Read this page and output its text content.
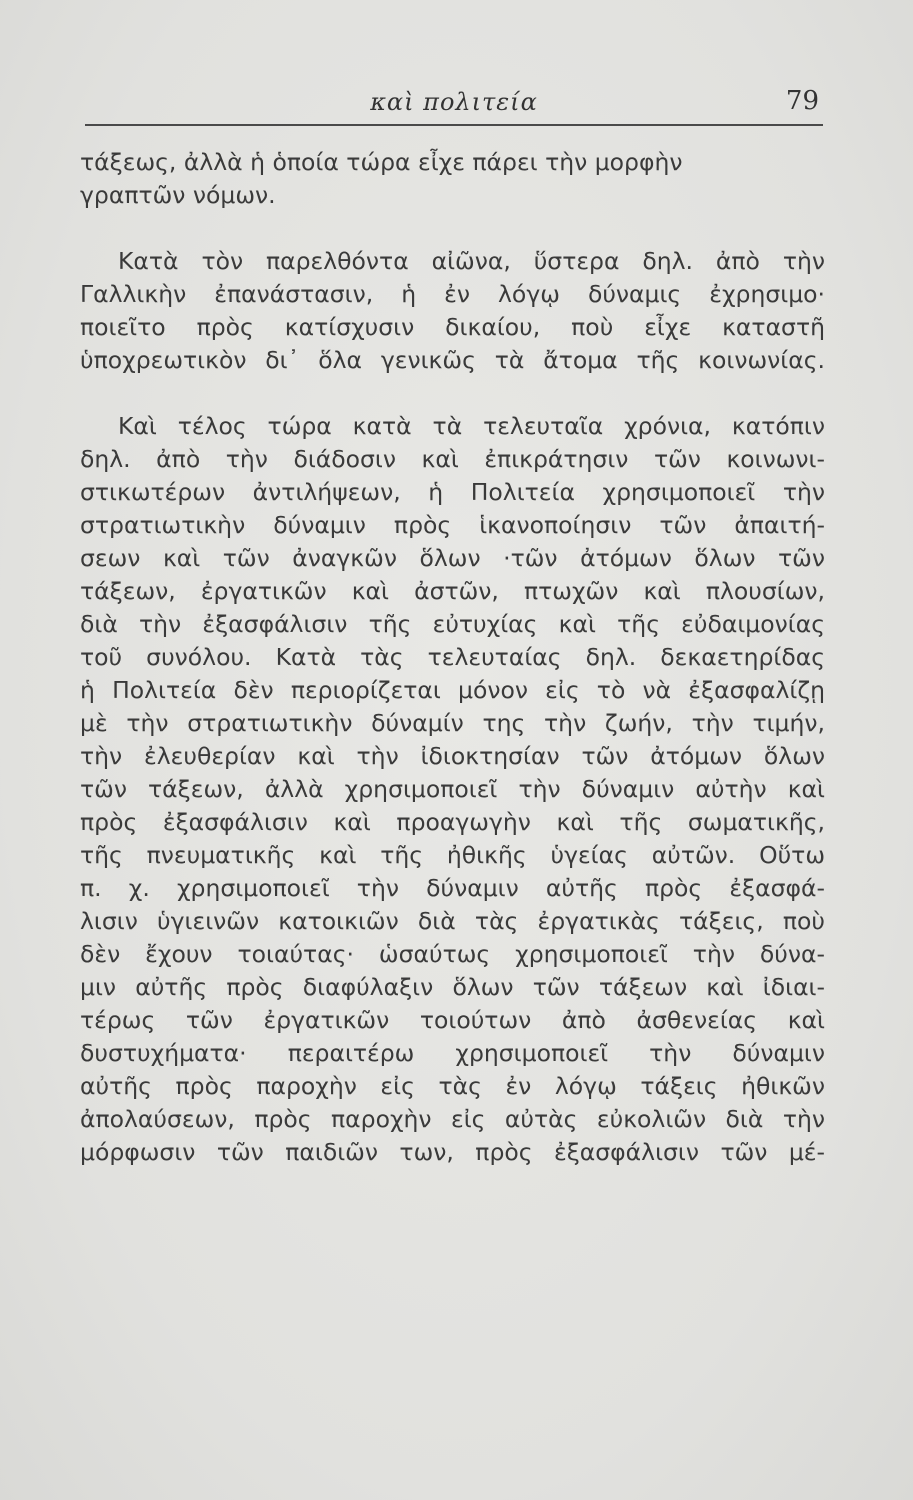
καὶ πολιτεία	79
τάξεως, ἀλλὰ ἡ ὁποία τώρα εἶχε πάρει τὴν μορφὴν
γραπτῶν νόμων.
Κατὰ τὸν παρελθόντα αἰῶνα, ὕστερα δηλ. ἀπὸ τὴν
Γαλλικὴν ἐπανάστασιν, ἡ ἐν λόγῳ δύναμις ἐχρησιμο·
ποιεῖτο πρὸς κατίσχυσιν δικαίου, ποὺ εἶχε καταστῆ
ὑποχρεωτικὸν δι᾽ ὅλα γενικῶς τὰ ἄτομα τῆς κοινωνίας.
Καὶ τέλος τώρα κατὰ τὰ τελευταῖα χρόνια, κατόπιν
δηλ. ἀπὸ τὴν διάδοσιν καὶ ἐπικράτησιν τῶν κοινωνι-
στικωτέρων ἀντιλήψεων, ἡ Πολιτεία χρησιμοποιεῖ τὴν
στρατιωτικὴν δύναμιν πρὸς ἱκανοποίησιν τῶν ἀπαιτή-
σεων καὶ τῶν ἀναγκῶν ὅλων ·τῶν ἀτόμων ὅλων τῶν
τάξεων, ἐργατικῶν καὶ ἀστῶν, πτωχῶν καὶ πλουσίων,
διὰ τὴν ἐξασφάλισιν τῆς εὐτυχίας καὶ τῆς εὐδαιμονίας
τοῦ συνόλου. Κατὰ τὰς τελευταίας δηλ. δεκαετηρίδας
ἡ Πολιτεία δὲν περιορίζεται μόνον εἰς τὸ νὰ ἐξασφαλίζῃ
μὲ τὴν στρατιωτικὴν δύναμίν της τὴν ζωήν, τὴν τιμήν,
τὴν ἐλευθερίαν καὶ τὴν ἰδιοκτησίαν τῶν ἀτόμων ὅλων
τῶν τάξεων, ἀλλὰ χρησιμοποιεῖ τὴν δύναμιν αὐτὴν καὶ
πρὸς ἐξασφάλισιν καὶ προαγωγὴν καὶ τῆς σωματικῆς,
τῆς πνευματικῆς καὶ τῆς ἠθικῆς ὑγείας αὐτῶν. Οὕτω
π. χ. χρησιμοποιεῖ τὴν δύναμιν αὐτῆς πρὸς ἐξασφά-
λισιν ὑγιεινῶν κατοικιῶν διὰ τὰς ἐργατικὰς τάξεις, ποὺ
δὲν ἔχουν τοιαύτας· ὡσαύτως χρησιμοποιεῖ τὴν δύνα-
μιν αὐτῆς πρὸς διαφύλαξιν ὅλων τῶν τάξεων καὶ ἰδιαι-
τέρως τῶν ἐργατικῶν τοιούτων ἀπὸ ἀσθενείας καὶ
δυστυχήματα· περαιτέρω χρησιμοποιεῖ τὴν δύναμιν
αὐτῆς πρὸς παροχὴν εἰς τὰς ἐν λόγῳ τάξεις ἠθικῶν
ἀπολαύσεων, πρὸς παροχὴν εἰς αὐτὰς εὐκολιῶν διὰ τὴν
μόρφωσιν τῶν παιδιῶν των, πρὸς ἐξασφάλισιν τῶν μέ-
